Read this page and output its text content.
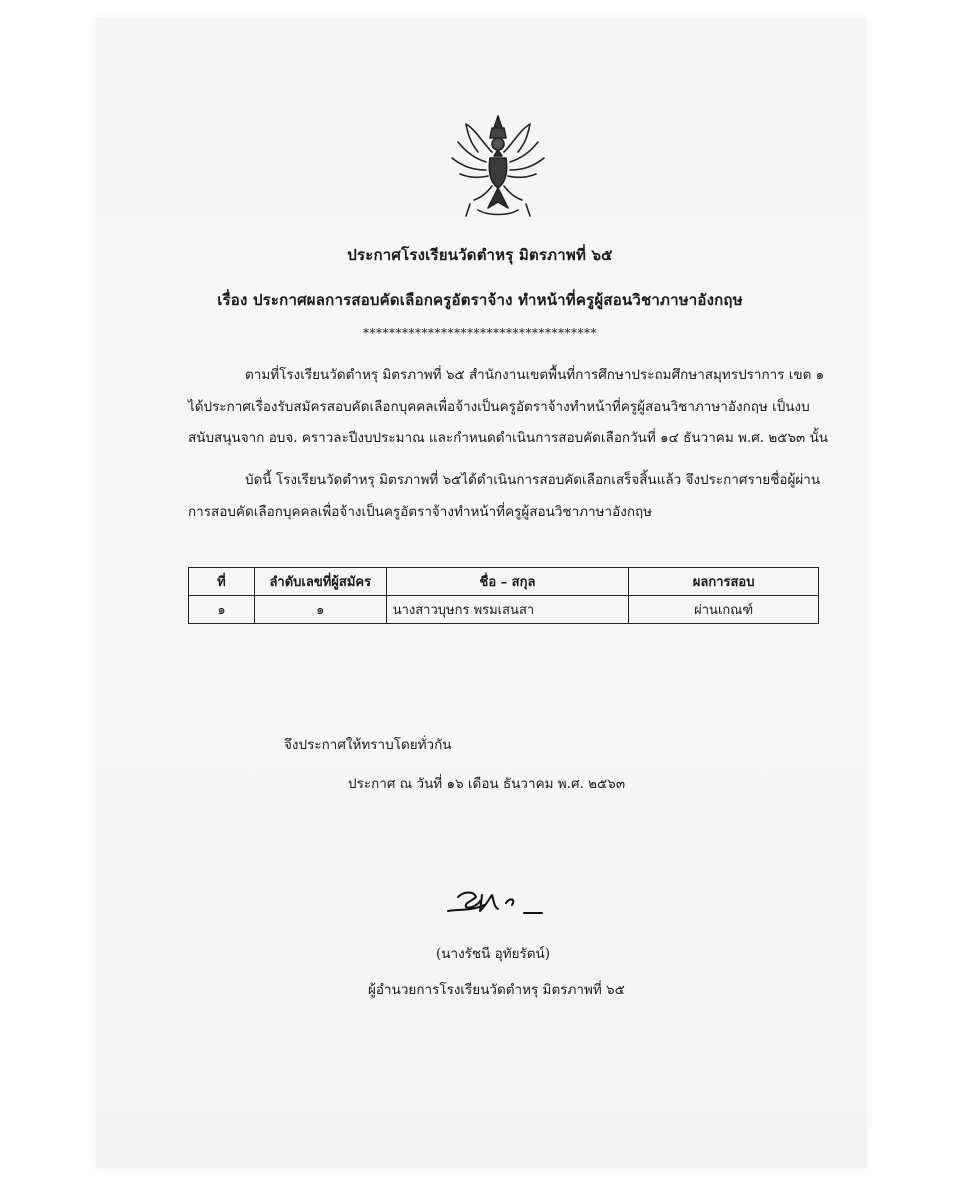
ประกาศโรงเรียนวัดตำหรุ มิตรภาพที่ ๖๕
เรื่อง ประกาศผลการสอบคัดเลือกครูอัตราจ้าง ทำหน้าที่ครูผู้สอนวิชาภาษาอังกฤษ
************************************
ตามที่โรงเรียนวัดตำหรุ มิตรภาพที่ ๖๕ สำนักงานเขตพื้นที่การศึกษาประถมศึกษาสมุทรปราการ เขต ๑
ได้ประกาศเรื่องรับสมัครสอบคัดเลือกบุคคลเพื่อจ้างเป็นครูอัตราจ้างทำหน้าที่ครูผู้สอนวิชาภาษาอังกฤษ เป็นงบ
สนับสนุนจาก อบจ. คราวละปีงบประมาณ และกำหนดดำเนินการสอบคัดเลือกวันที่ ๑๔ ธันวาคม พ.ศ. ๒๕๖๓ นั้น
บัดนี้ โรงเรียนวัดตำหรุ มิตรภาพที่ ๖๕ได้ดำเนินการสอบคัดเลือกเสร็จสิ้นแล้ว จึงประกาศรายชื่อผู้ผ่าน
การสอบคัดเลือกบุคคลเพื่อจ้างเป็นครูอัตราจ้างทำหน้าที่ครูผู้สอนวิชาภาษาอังกฤษ
ที่	ลำดับเลขที่ผู้สมัคร	ชื่อ – สกุล	ผลการสอบ
๑	๑	นางสาวบุษกร พรมเสนสา	ผ่านเกณฑ์
จึงประกาศให้ทราบโดยทั่วกัน
ประกาศ ณ วันที่ ๑๖ เดือน ธันวาคม พ.ศ. ๒๕๖๓
(นางรัชนี อุทัยรัตน์)
ผู้อำนวยการโรงเรียนวัดตำหรุ มิตรภาพที่ ๖๕
